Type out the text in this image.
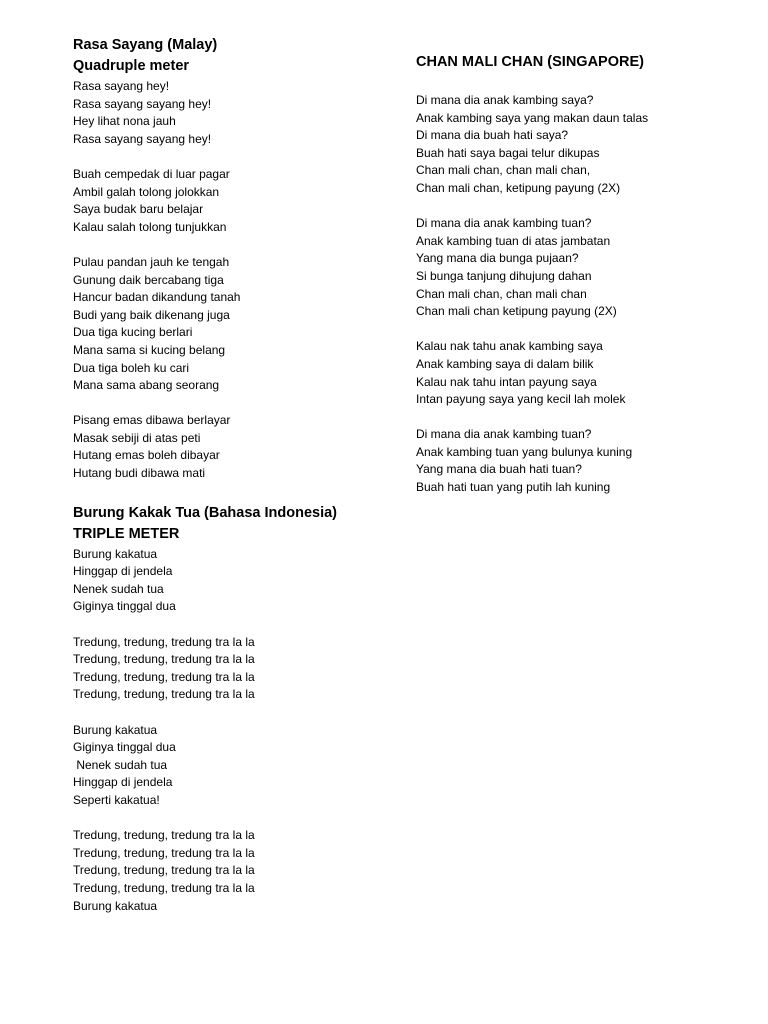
Rasa Sayang (Malay)
Quadruple meter
Rasa sayang hey!
Rasa sayang sayang hey!
Hey lihat nona jauh
Rasa sayang sayang hey!
Buah cempedak di luar pagar
Ambil galah tolong jolokkan
Saya budak baru belajar
Kalau salah tolong tunjukkan
Pulau pandan jauh ke tengah
Gunung daik bercabang tiga
Hancur badan dikandung tanah
Budi yang baik dikenang juga
Dua tiga kucing berlari
Mana sama si kucing belang
Dua tiga boleh ku cari
Mana sama abang seorang
Pisang emas dibawa berlayar
Masak sebiji di atas peti
Hutang emas boleh dibayar
Hutang budi dibawa mati
Burung Kakak Tua (Bahasa Indonesia)
TRIPLE METER
Burung kakatua
Hinggap di jendela
Nenek sudah tua
Giginya tinggal dua
Tredung, tredung, tredung tra la la
Tredung, tredung, tredung tra la la
Tredung, tredung, tredung tra la la
Tredung, tredung, tredung tra la la
Burung kakatua
Giginya tinggal dua
Nenek sudah tua
Hinggap di jendela
Seperti kakatua!
Tredung, tredung, tredung tra la la
Tredung, tredung, tredung tra la la
Tredung, tredung, tredung tra la la
Tredung, tredung, tredung tra la la
Burung kakatua
CHAN MALI CHAN (SINGAPORE)
Di mana dia anak kambing saya?
Anak kambing saya yang makan daun talas
Di mana dia buah hati saya?
Buah hati saya bagai telur dikupas
Chan mali chan, chan mali chan,
Chan mali chan, ketipung payung (2X)
Di mana dia anak kambing tuan?
Anak kambing tuan di atas jambatan
Yang mana dia bunga pujaan?
Si bunga tanjung dihujung dahan
Chan mali chan, chan mali chan
Chan mali chan ketipung payung (2X)
Kalau nak tahu anak kambing saya
Anak kambing saya di dalam bilik
Kalau nak tahu intan payung saya
Intan payung saya yang kecil lah molek
Di mana dia anak kambing tuan?
Anak kambing tuan yang bulunya kuning
Yang mana dia buah hati tuan?
Buah hati tuan yang putih lah kuning
